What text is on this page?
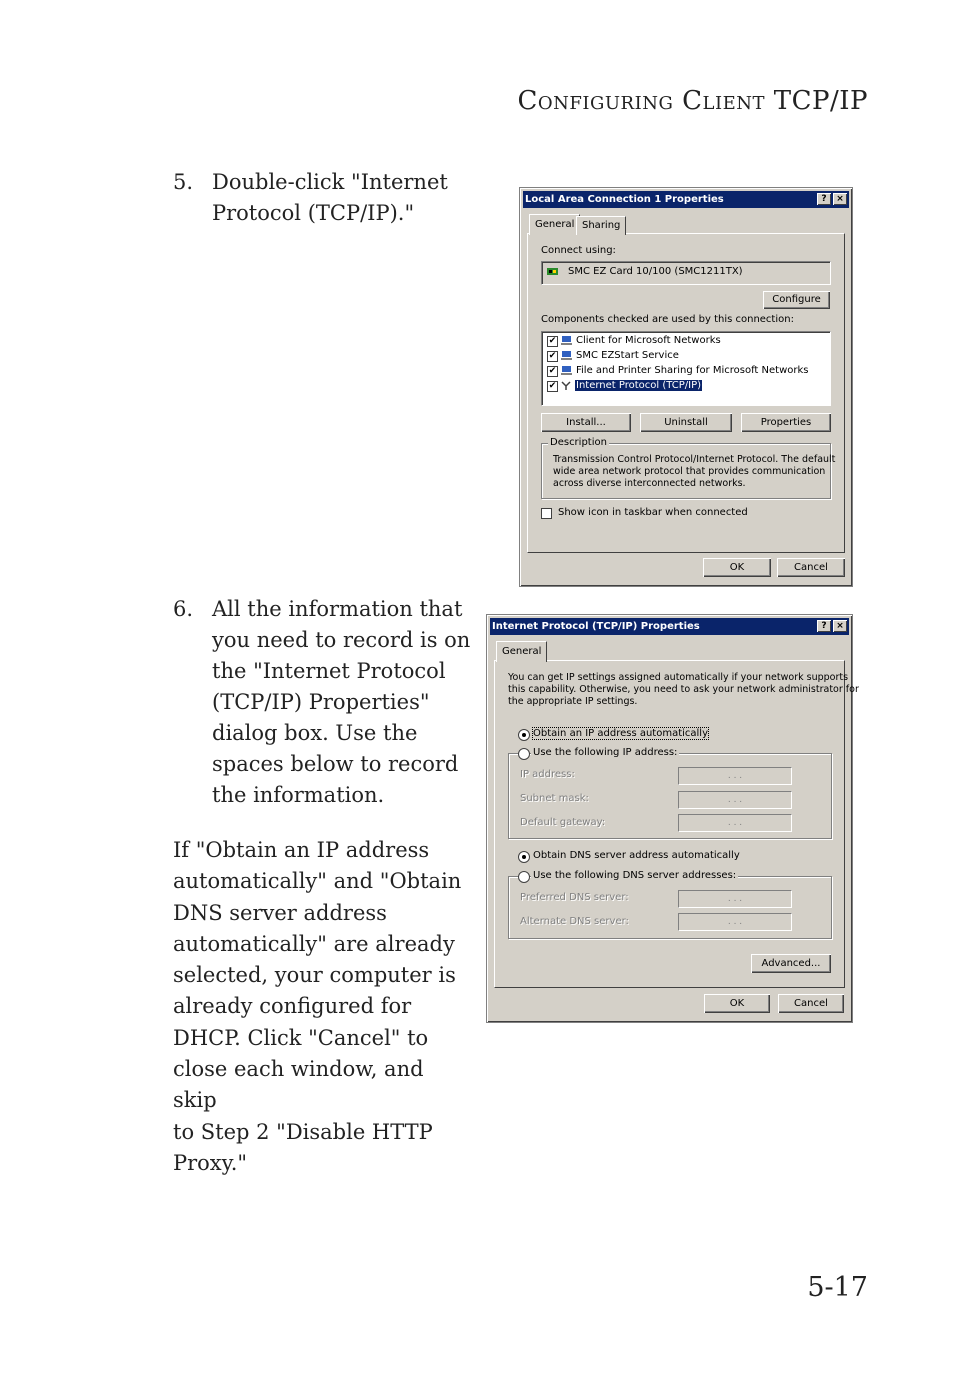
CONFIGURING CLIENT TCP/IP
5. Double-click "Internet
Protocol (TCP/IP)."
6. All the information that
you need to record is on
the "Internet Protocol
(TCP/IP) Properties"
dialog box. Use the
spaces below to record
the information.
If "Obtain an IP address
automatically" and "Obtain
DNS server address
automatically" are already
selected, your computer is
already configured for
DHCP. Click "Cancel" to
close each window, and skip
to Step 2 "Disable HTTP
Proxy."
5-17
Local Area Connection 1 Properties	?	×
General Sharing
Connect using:
SMC EZ Card 10/100 (SMC1211TX)
Configure
Components checked are used by this connection:
✔ Client for Microsoft Networks
✔ SMC EZStart Service
✔ File and Printer Sharing for Microsoft Networks
✔ Internet Protocol (TCP/IP)
Install...	Uninstall	Properties
Description
Transmission Control Protocol/Internet Protocol. The default
wide area network protocol that provides communication
across diverse interconnected networks.
Show icon in taskbar when connected
OK	Cancel
Internet Protocol (TCP/IP) Properties	?	×
General
You can get IP settings assigned automatically if your network supports
this capability. Otherwise, you need to ask your network administrator for
the appropriate IP settings.
Obtain an IP address automatically
Use the following IP address:
IP address:	. . .
Subnet mask:	. . .
Default gateway:	. . .
Obtain DNS server address automatically
Use the following DNS server addresses:
Preferred DNS server:	. . .
Alternate DNS server:	. . .
Advanced...
OK	Cancel
